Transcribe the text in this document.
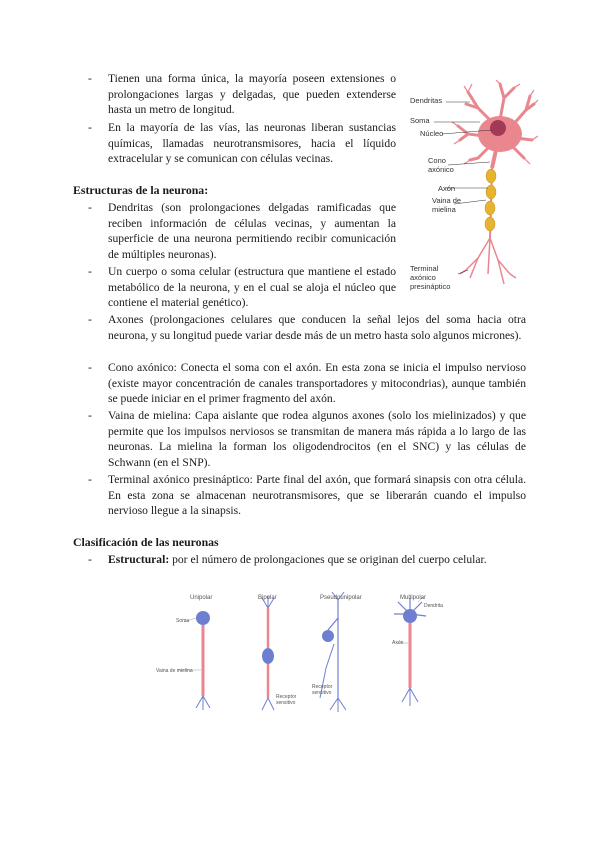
- Tienen una forma única, la mayoría poseen extensiones o prolongaciones largas y delgadas, que pueden extenderse hasta un metro de longitud.
- En la mayoría de las vías, las neuronas liberan sustancias químicas, llamadas neurotransmisores, hacia el líquido extracelular y se comunican con células vecinas.
Estructuras de la neurona:
- Dendritas (son prolongaciones delgadas ramificadas que reciben información de células vecinas, y aumentan la superficie de una neurona permitiendo recibir comunicación de múltiples neuronas).
- Un cuerpo o soma celular (estructura que mantiene el estado metabólico de la neurona, y en el cual se aloja el núcleo que contiene el material genético).
- Axones (prolongaciones celulares que conducen la señal lejos del soma hacia otra neurona, y su longitud puede variar desde más de un metro hasta solo algunos micrones).
- Cono axónico: Conecta el soma con el axón. En esta zona se inicia el impulso nervioso (existe mayor concentración de canales transportadores y mitocondrias), aunque también se puede iniciar en el primer fragmento del axón.
- Vaina de mielina: Capa aislante que rodea algunos axones (solo los mielinizados) y que permite que los impulsos nerviosos se transmitan de manera más rápida a lo largo de las neuronas. La mielina la forman los oligodendrocitos (en el SNC) y las células de Schwann (en el SNP).
- Terminal axónico presináptico: Parte final del axón, que formará sinapsis con otra célula. En esta zona se almacenan neurotransmisores, que se liberarán cuando el impulso nervioso llegue a la sinapsis.
Clasificación de las neuronas
- Estructural: por el número de prolongaciones que se originan del cuerpo celular.
Dendritas
Soma
Núcleo
Cono
axónico
Axón
Vaina de
mielina
Terminal
axónico
presináptico
Unipolar	Bipolar	Pseudounipolar	Multipolar
Soma
Vaina de mielina
Receptor
sensitivo
Receptor
sensitivo
Dendrita
Axón
